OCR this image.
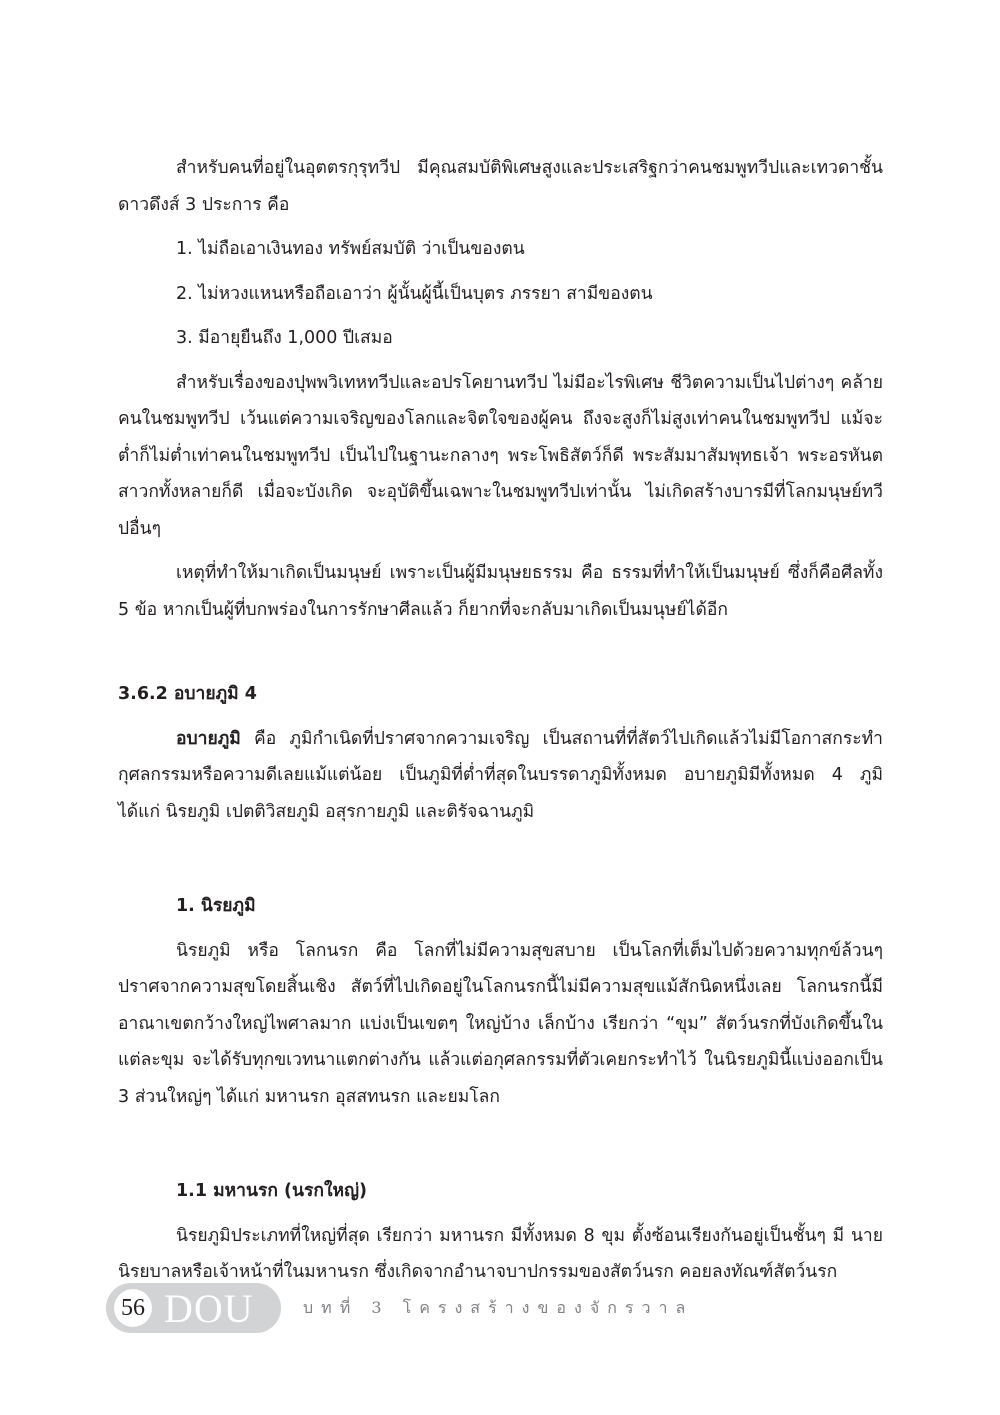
สำหรับคนที่อยู่ในอุตตรกุรุทวีป มีคุณสมบัติพิเศษสูงและประเสริฐกว่าคนชมพูทวีปและเทวดาชั้นดาวดึงส์ 3 ประการ คือ

1. ไม่ถือเอาเงินทอง ทรัพย์สมบัติ ว่าเป็นของตน
2. ไม่หวงแหนหรือถือเอาว่า ผู้นั้นผู้นี้เป็นบุตร ภรรยา สามีของตน
3. มีอายุยืนถึง 1,000 ปีเสมอ

สำหรับเรื่องของปุพพวิเทหทวีปและอปรโคยานทวีป ไม่มีอะไรพิเศษ ชีวิตความเป็นไปต่างๆ คล้ายคนในชมพูทวีป เว้นแต่ความเจริญของโลกและจิตใจของผู้คน ถึงจะสูงก็ไม่สูงเท่าคนในชมพูทวีป แม้จะต่ำก็ไม่ต่ำเท่าคนในชมพูทวีป เป็นไปในฐานะกลางๆ พระโพธิสัตว์ก็ดี พระสัมมาสัมพุทธเจ้า พระอรหันตสาวกทั้งหลายก็ดี เมื่อจะบังเกิด จะอุบัติขึ้นเฉพาะในชมพูทวีปเท่านั้น ไม่เกิดสร้างบารมีที่โลกมนุษย์ทวีปอื่นๆ

เหตุที่ทำให้มาเกิดเป็นมนุษย์ เพราะเป็นผู้มีมนุษยธรรม คือ ธรรมที่ทำให้เป็นมนุษย์ ซึ่งก็คือศีลทั้ง 5 ข้อ หากเป็นผู้ที่บกพร่องในการรักษาศีลแล้ว ก็ยากที่จะกลับมาเกิดเป็นมนุษย์ได้อีก

3.6.2 อบายภูมิ 4

อบายภูมิ คือ ภูมิกำเนิดที่ปราศจากความเจริญ เป็นสถานที่ที่สัตว์ไปเกิดแล้วไม่มีโอกาสกระทำกุศลกรรมหรือความดีเลยแม้แต่น้อย เป็นภูมิที่ต่ำที่สุดในบรรดาภูมิทั้งหมด อบายภูมิมีทั้งหมด 4 ภูมิ ได้แก่ นิรยภูมิ เปตติวิสยภูมิ อสุรกายภูมิ และติรัจฉานภูมิ

1. นิรยภูมิ

นิรยภูมิ หรือ โลกนรก คือ โลกที่ไม่มีความสุขสบาย เป็นโลกที่เต็มไปด้วยความทุกข์ล้วนๆ ปราศจากความสุขโดยสิ้นเชิง สัตว์ที่ไปเกิดอยู่ในโลกนรกนี้ไม่มีความสุขแม้สักนิดหนึ่งเลย โลกนรกนี้มีอาณาเขตกว้างใหญ่ไพศาลมาก แบ่งเป็นเขตๆ ใหญ่บ้าง เล็กบ้าง เรียกว่า “ขุม” สัตว์นรกที่บังเกิดขึ้นในแต่ละขุม จะได้รับทุกขเวทนาแตกต่างกัน แล้วแต่อกุศลกรรมที่ตัวเคยกระทำไว้ ในนิรยภูมินี้แบ่งออกเป็น 3 ส่วนใหญ่ๆ ได้แก่ มหานรก อุสสทนรก และยมโลก

1.1 มหานรก (นรกใหญ่)

นิรยภูมิประเภทที่ใหญ่ที่สุด เรียกว่า มหานรก มีทั้งหมด 8 ขุม ตั้งซ้อนเรียงกันอยู่เป็นชั้นๆ มี นายนิรยบาลหรือเจ้าหน้าที่ในมหานรก ซึ่งเกิดจากอำนาจบาปกรรมของสัตว์นรก คอยลงทัณฑ์สัตว์นรก

56 DOU	บทที่ 3 โครงสร้างของจักรวาล
